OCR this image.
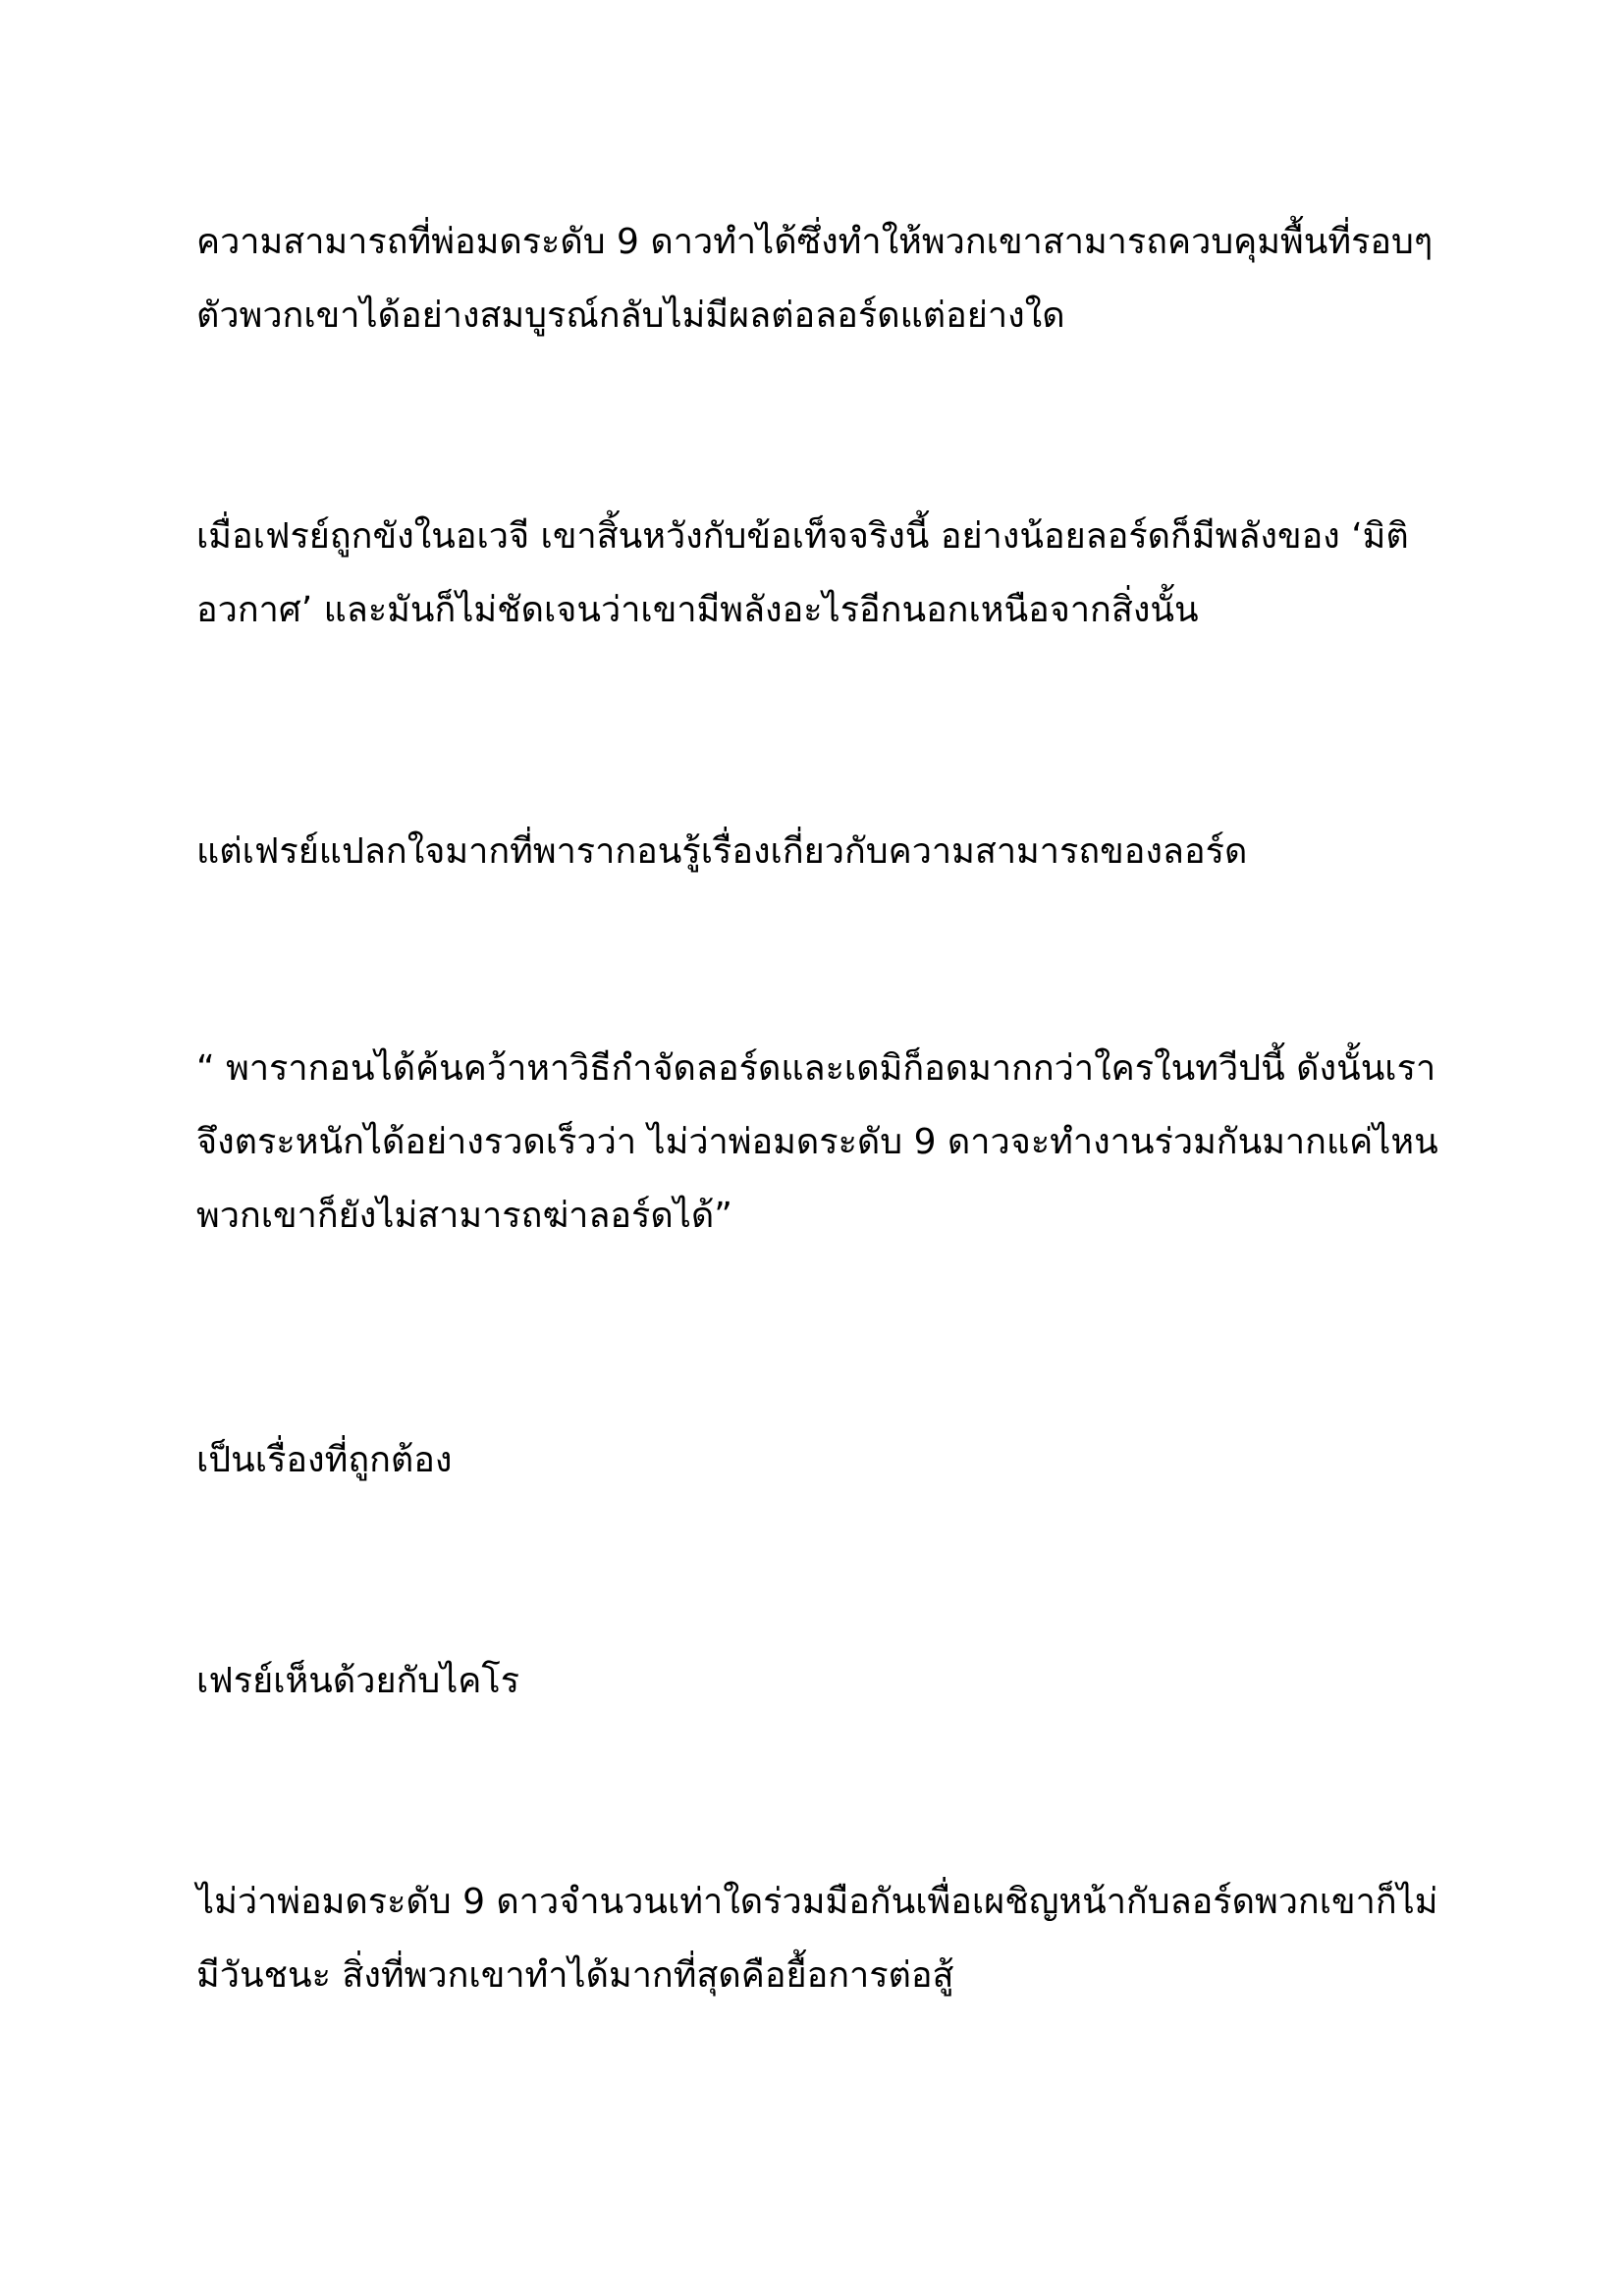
ความสามารถที่พ่อมดระดับ 9 ดาวทำได้ซึ่งทำให้พวกเขาสามารถควบคุมพื้นที่รอบๆ
ตัวพวกเขาได้อย่างสมบูรณ์กลับไม่มีผลต่อลอร์ดแต่อย่างใด

เมื่อเฟรย์ถูกขังในอเวจี เขาสิ้นหวังกับข้อเท็จจริงนี้ อย่างน้อยลอร์ดก็มีพลังของ ‘มิติ
อวกาศ’ และมันก็ไม่ชัดเจนว่าเขามีพลังอะไรอีกนอกเหนือจากสิ่งนั้น

แต่เฟรย์แปลกใจมากที่พารากอนรู้เรื่องเกี่ยวกับความสามารถของลอร์ด

“ พารากอนได้ค้นคว้าหาวิธีกำจัดลอร์ดและเดมิก็อดมากกว่าใครในทวีปนี้ ดังนั้นเรา
จึงตระหนักได้อย่างรวดเร็วว่า ไม่ว่าพ่อมดระดับ 9 ดาวจะทำงานร่วมกันมากแค่ไหน
พวกเขาก็ยังไม่สามารถฆ่าลอร์ดได้”

เป็นเรื่องที่ถูกต้อง

เฟรย์เห็นด้วยกับไคโร

ไม่ว่าพ่อมดระดับ 9 ดาวจำนวนเท่าใดร่วมมือกันเพื่อเผชิญหน้ากับลอร์ดพวกเขาก็ไม่
มีวันชนะ สิ่งที่พวกเขาทำได้มากที่สุดคือยื้อการต่อสู้
